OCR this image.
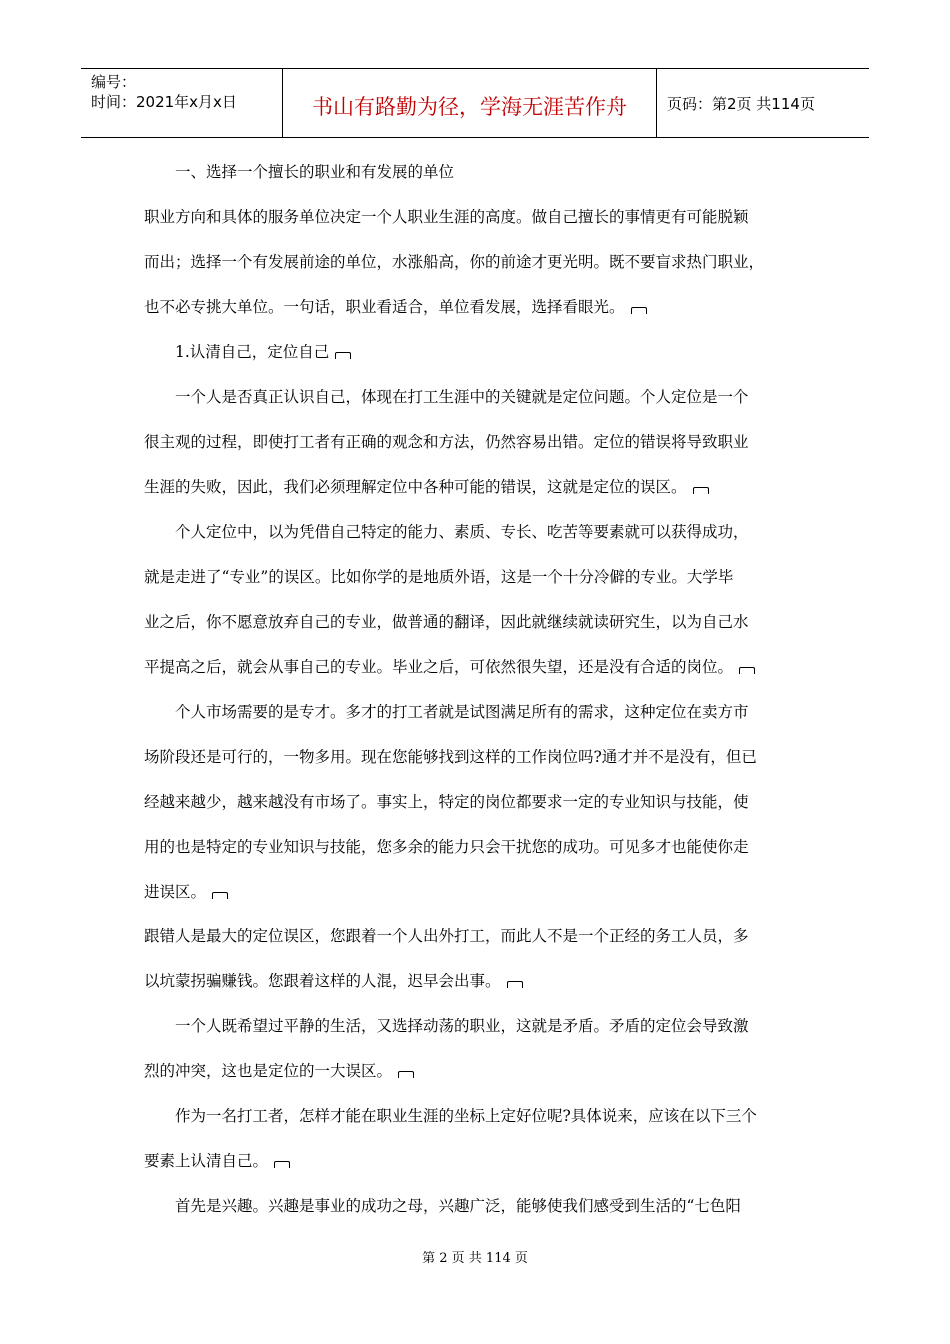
编号：
时间：2021年x月x日	书山有路勤为径，学海无涯苦作舟	页码：第2页 共114页
一、选择一个擅长的职业和有发展的单位
职业方向和具体的服务单位决定一个人职业生涯的高度。做自己擅长的事情更有可能脱颖
而出；选择一个有发展前途的单位，水涨船高，你的前途才更光明。既不要盲求热门职业，
也不必专挑大单位。一句话，职业看适合，单位看发展，选择看眼光。
1.认清自己，定位自己
一个人是否真正认识自己，体现在打工生涯中的关键就是定位问题。个人定位是一个
很主观的过程，即使打工者有正确的观念和方法，仍然容易出错。定位的错误将导致职业
生涯的失败，因此，我们必须理解定位中各种可能的错误，这就是定位的误区。
个人定位中，以为凭借自己特定的能力、素质、专长、吃苦等要素就可以获得成功，
就是走进了“专业”的误区。比如你学的是地质外语，这是一个十分冷僻的专业。大学毕
业之后，你不愿意放弃自己的专业，做普通的翻译，因此就继续就读研究生，以为自己水
平提高之后，就会从事自己的专业。毕业之后，可依然很失望，还是没有合适的岗位。
个人市场需要的是专才。多才的打工者就是试图满足所有的需求，这种定位在卖方市
场阶段还是可行的，一物多用。现在您能够找到这样的工作岗位吗?通才并不是没有，但已
经越来越少，越来越没有市场了。事实上，特定的岗位都要求一定的专业知识与技能，使
用的也是特定的专业知识与技能，您多余的能力只会干扰您的成功。可见多才也能使你走
进误区。
跟错人是最大的定位误区，您跟着一个人出外打工，而此人不是一个正经的务工人员，多
以坑蒙拐骗赚钱。您跟着这样的人混，迟早会出事。
一个人既希望过平静的生活，又选择动荡的职业，这就是矛盾。矛盾的定位会导致激
烈的冲突，这也是定位的一大误区。
作为一名打工者，怎样才能在职业生涯的坐标上定好位呢?具体说来，应该在以下三个
要素上认清自己。
首先是兴趣。兴趣是事业的成功之母，兴趣广泛，能够使我们感受到生活的“七色阳
第 2 页 共 114 页
